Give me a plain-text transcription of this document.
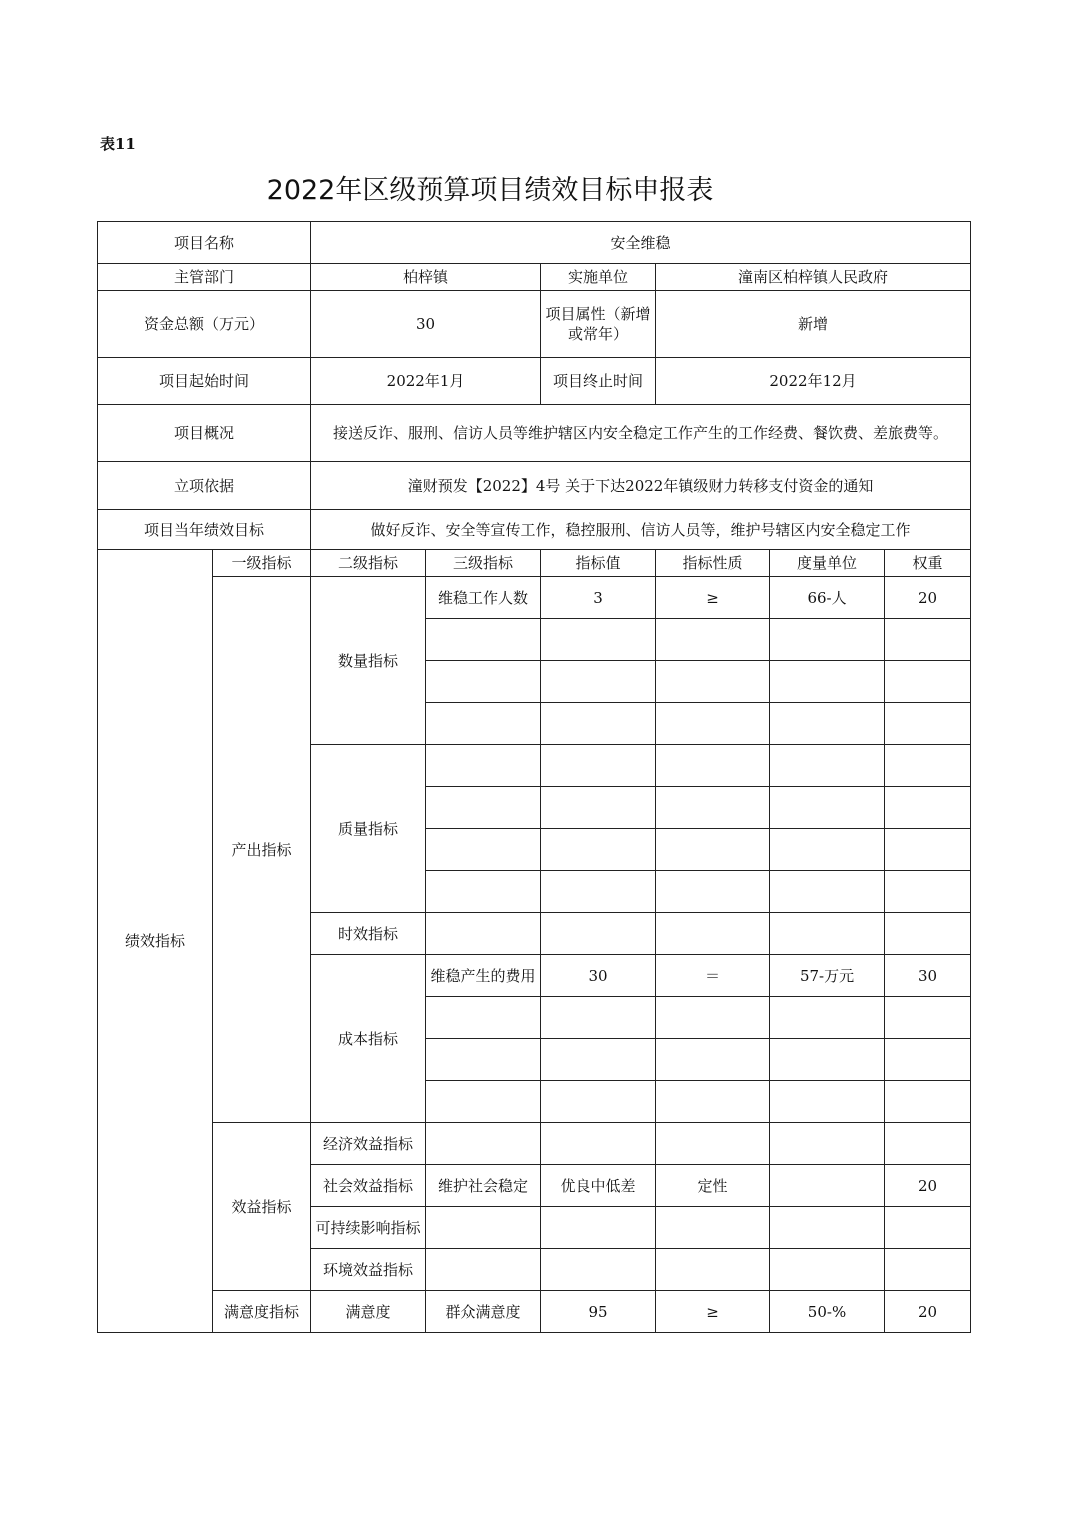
表11
2022年区级预算项目绩效目标申报表
项目名称		安全维稳					
主管部门		柏梓镇		实施单位	潼南区柏梓镇人民政府		
资金总额（万元）		30		项目属性（新增或常年）	新增		
项目起始时间		2022年1月		项目终止时间	2022年12月		
项目概况		接送反诈、服刑、信访人员等维护辖区内安全稳定工作产生的工作经费、餐饮费、差旅费等。					
立项依据		潼财预发【2022】4号 关于下达2022年镇级财力转移支付资金的通知					
项目当年绩效目标		做好反诈、安全等宣传工作，稳控服刑、信访人员等，维护号辖区内安全稳定工作					
绩效指标	一级指标	二级指标	三级指标	指标值	指标性质	度量单位	权重
	产出指标	数量指标	维稳工作人数	3	≥	66-人	20

		质量指标					

		时效指标					
		成本指标	维稳产生的费用	30	＝	57-万元	30

	效益指标	经济效益指标					
		社会效益指标	维护社会稳定	优良中低差	定性		20
		可持续影响指标					
		环境效益指标					
	满意度指标	满意度	群众满意度	95	≥	50-%	20
